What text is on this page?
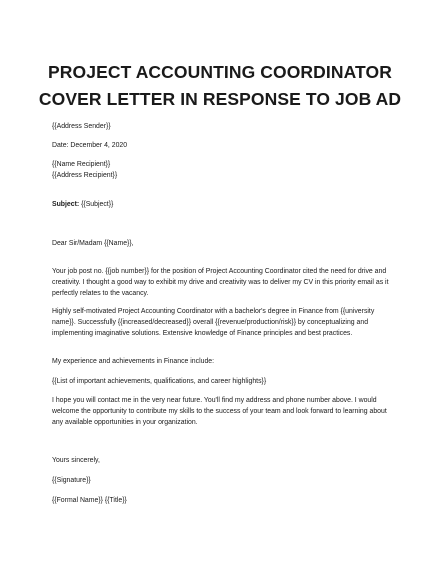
PROJECT ACCOUNTING COORDINATOR
COVER LETTER IN RESPONSE TO JOB AD

{{Address Sender}}

Date: December 4, 2020

{{Name Recipient}}

{{Address Recipient}}

Subject: {{Subject}}

Dear Sir/Madam {{Name}},

Your job post no. {{job number}} for the position of Project Accounting Coordinator cited the need for drive and creativity. I thought a good way to exhibit my drive and creativity was to deliver my CV in this priority email as it perfectly relates to the vacancy.

Highly self-motivated Project Accounting Coordinator with a bachelor's degree in Finance from {{university name}}. Successfully {{increased/decreased}} overall {{revenue/production/risk}} by conceptualizing and implementing imaginative solutions. Extensive knowledge of Finance principles and best practices.

My experience and achievements in Finance include:

{{List of important achievements, qualifications, and career highlights}}

I hope you will contact me in the very near future. You'll find my address and phone number above. I would welcome the opportunity to contribute my skills to the success of your team and look forward to learning about any available opportunities in your organization.

Yours sincerely,

{{Signature}}

{{Formal Name}} {{Title}}
